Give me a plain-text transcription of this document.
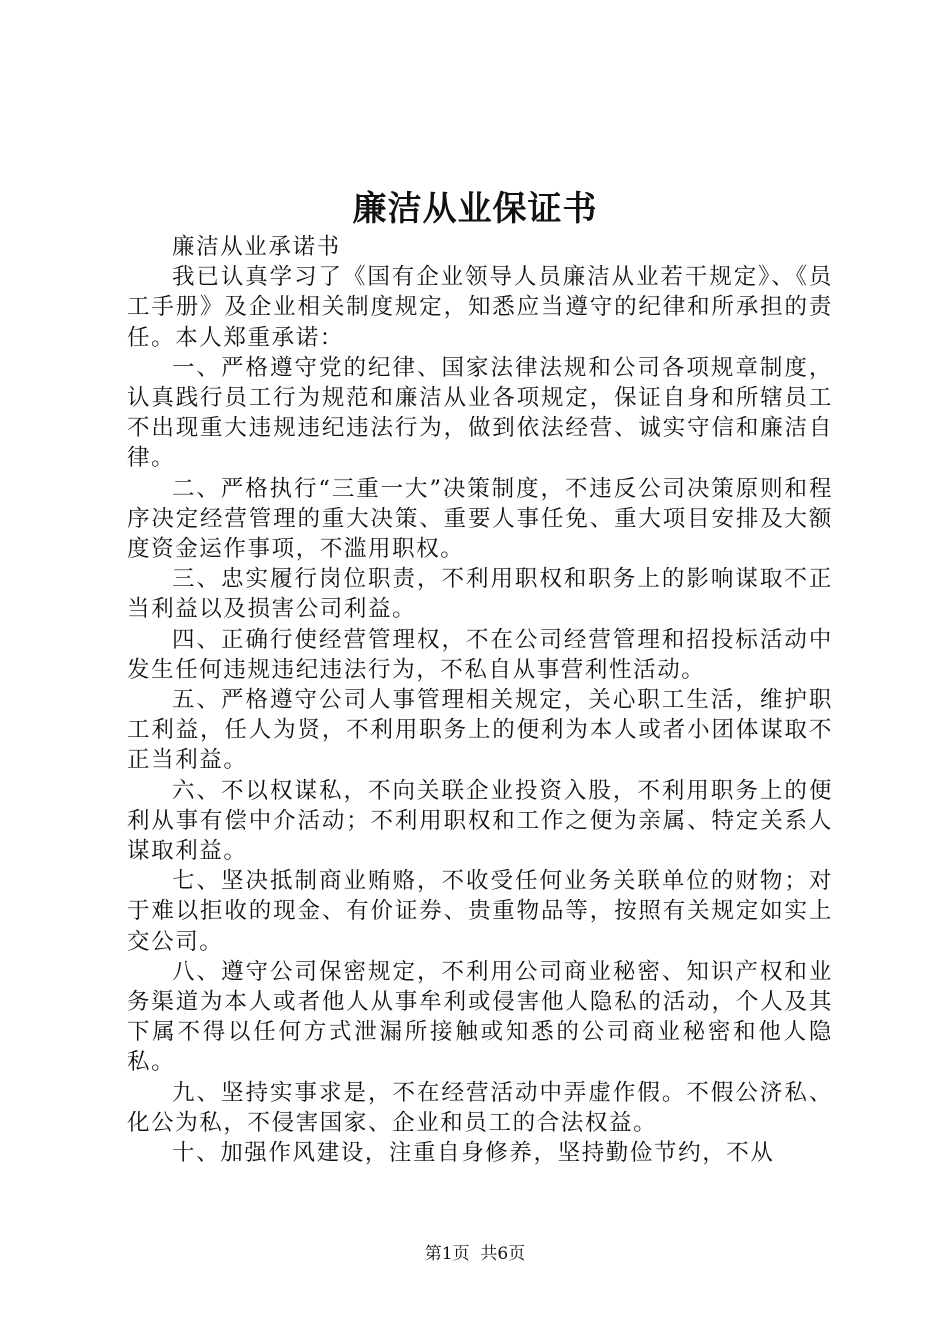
廉洁从业保证书

廉洁从业承诺书

我已认真学习了《国有企业领导人员廉洁从业若干规定》、《员工手册》及企业相关制度规定，知悉应当遵守的纪律和所承担的责任。本人郑重承诺：

一、严格遵守党的纪律、国家法律法规和公司各项规章制度，认真践行员工行为规范和廉洁从业各项规定，保证自身和所辖员工不出现重大违规违纪违法行为，做到依法经营、诚实守信和廉洁自律。

二、严格执行“三重一大”决策制度，不违反公司决策原则和程序决定经营管理的重大决策、重要人事任免、重大项目安排及大额度资金运作事项，不滥用职权。

三、忠实履行岗位职责，不利用职权和职务上的影响谋取不正当利益以及损害公司利益。

四、正确行使经营管理权，不在公司经营管理和招投标活动中发生任何违规违纪违法行为，不私自从事营利性活动。

五、严格遵守公司人事管理相关规定，关心职工生活，维护职工利益，任人为贤，不利用职务上的便利为本人或者小团体谋取不正当利益。

六、不以权谋私，不向关联企业投资入股，不利用职务上的便利从事有偿中介活动；不利用职权和工作之便为亲属、特定关系人谋取利益。

七、坚决抵制商业贿赂，不收受任何业务关联单位的财物；对于难以拒收的现金、有价证券、贵重物品等，按照有关规定如实上交公司。

八、遵守公司保密规定，不利用公司商业秘密、知识产权和业务渠道为本人或者他人从事牟利或侵害他人隐私的活动，个人及其下属不得以任何方式泄漏所接触或知悉的公司商业秘密和他人隐私。

九、坚持实事求是，不在经营活动中弄虚作假。不假公济私、化公为私，不侵害国家、企业和员工的合法权益。

十、加强作风建设，注重自身修养，坚持勤俭节约，不从

第1页 共6页
